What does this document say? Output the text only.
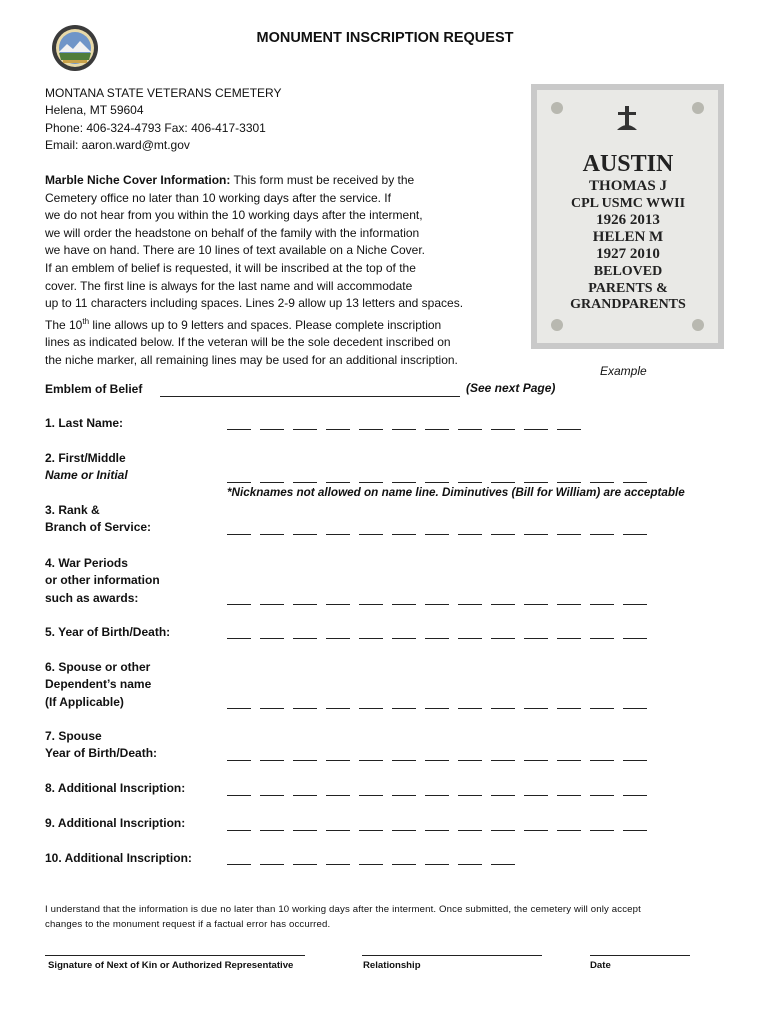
MONUMENT INSCRIPTION REQUEST
MONTANA STATE VETERANS CEMETERY
Helena, MT 59604
Phone: 406-324-4793 Fax: 406-417-3301
Email: aaron.ward@mt.gov
Marble Niche Cover Information: This form must be received by the
Cemetery office no later than 10 working days after the service. If
we do not hear from you within the 10 working days after the interment,
we will order the headstone on behalf of the family with the information
we have on hand. There are 10 lines of text available on a Niche Cover.
If an emblem of belief is requested, it will be inscribed at the top of the
cover. The first line is always for the last name and will accommodate
up to 11 characters including spaces. Lines 2-9 allow up 13 letters and spaces.
The 10th line allows up to 9 letters and spaces. Please complete inscription
lines as indicated below. If the veteran will be the sole decedent inscribed on
the niche marker, all remaining lines may be used for an additional inscription.
AUSTIN
THOMAS J
CPL USMC WWII
1926 2013
HELEN M
1927 2010
BELOVED
PARENTS &
GRANDPARENTS
Example
Emblem of Belief	(See next Page)
1. Last Name:
2. First/Middle
Name or Initial
*Nicknames not allowed on name line. Diminutives (Bill for William) are acceptable
3. Rank &
Branch of Service:
4. War Periods
or other information
such as awards:
5. Year of Birth/Death:
6. Spouse or other
Dependent’s name
(If Applicable)
7. Spouse
Year of Birth/Death:
8. Additional Inscription:
9. Additional Inscription:
10. Additional Inscription:
I understand that the information is due no later than 10 working days after the interment. Once submitted, the cemetery will only accept
changes to the monument request if a factual error has occurred.
Signature of Next of Kin or Authorized Representative	Relationship	Date
